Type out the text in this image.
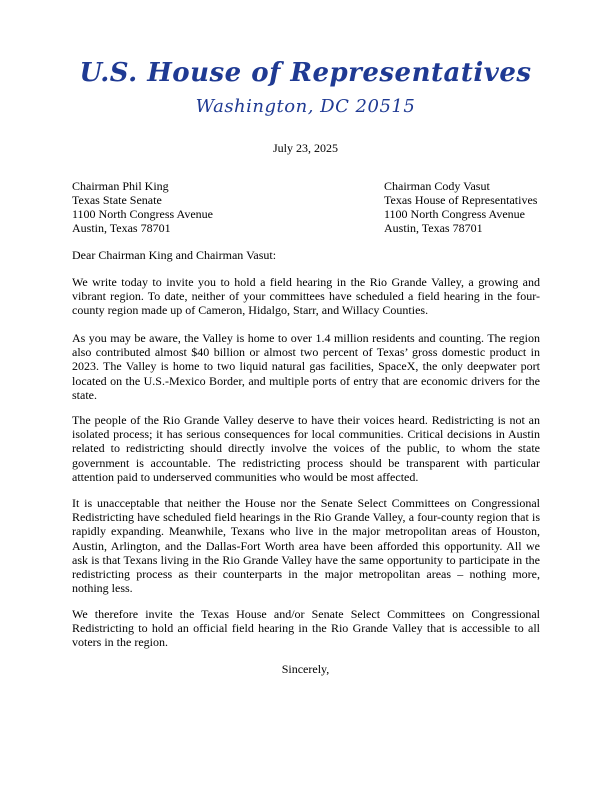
U.S. House of Representatives
Washington, DC 20515
July 23, 2025
Chairman Phil King
Texas State Senate
1100 North Congress Avenue
Austin, Texas 78701
Chairman Cody Vasut
Texas House of Representatives
1100 North Congress Avenue
Austin, Texas 78701
Dear Chairman King and Chairman Vasut:

We write today to invite you to hold a field hearing in the Rio Grande Valley, a growing and vibrant region. To date, neither of your committees have scheduled a field hearing in the four-county region made up of Cameron, Hidalgo, Starr, and Willacy Counties.

As you may be aware, the Valley is home to over 1.4 million residents and counting. The region also contributed almost $40 billion or almost two percent of Texas’ gross domestic product in 2023. The Valley is home to two liquid natural gas facilities, SpaceX, the only deepwater port located on the U.S.-Mexico Border, and multiple ports of entry that are economic drivers for the state.

The people of the Rio Grande Valley deserve to have their voices heard. Redistricting is not an isolated process; it has serious consequences for local communities. Critical decisions in Austin related to redistricting should directly involve the voices of the public, to whom the state government is accountable. The redistricting process should be transparent with particular attention paid to underserved communities who would be most affected.

It is unacceptable that neither the House nor the Senate Select Committees on Congressional Redistricting have scheduled field hearings in the Rio Grande Valley, a four-county region that is rapidly expanding. Meanwhile, Texans who live in the major metropolitan areas of Houston, Austin, Arlington, and the Dallas-Fort Worth area have been afforded this opportunity. All we ask is that Texans living in the Rio Grande Valley have the same opportunity to participate in the redistricting process as their counterparts in the major metropolitan areas – nothing more, nothing less.

We therefore invite the Texas House and/or Senate Select Committees on Congressional Redistricting to hold an official field hearing in the Rio Grande Valley that is accessible to all voters in the region.

Sincerely,
